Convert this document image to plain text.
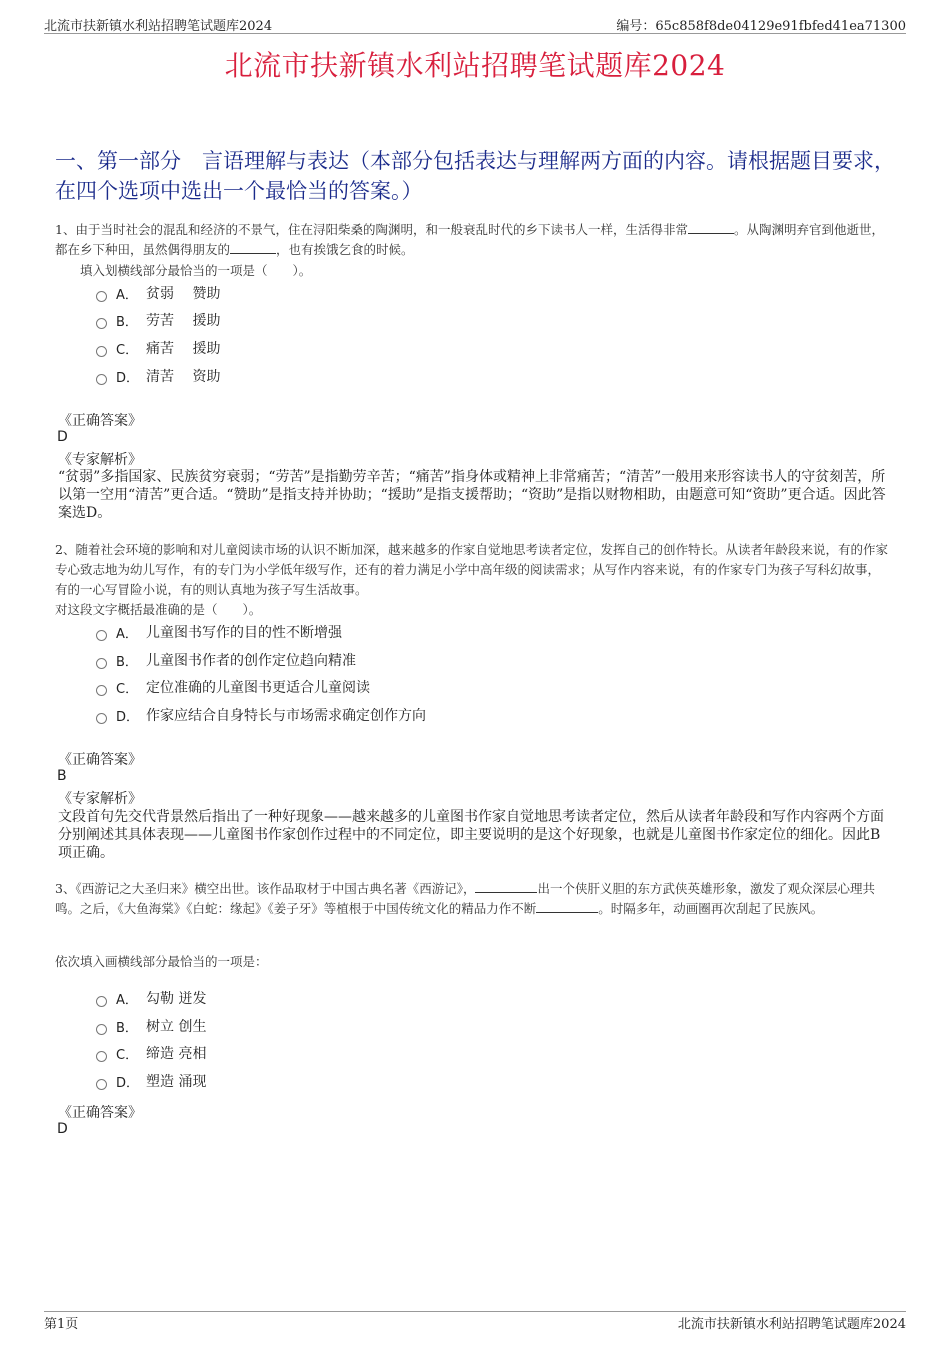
北流市扶新镇水利站招聘笔试题库2024	编号：65c858f8de04129e91fbfed41ea71300
北流市扶新镇水利站招聘笔试题库2024
一、第一部分　言语理解与表达（本部分包括表达与理解两方面的内容。请根据题目要求，在四个选项中选出一个最恰当的答案。）
1、由于当时社会的混乱和经济的不景气，住在浔阳柴桑的陶渊明，和一般衰乱时代的乡下读书人一样，生活得非常	。从陶渊明弃官到他逝世，都在乡下种田，虽然偶得朋友的	，也有挨饿乞食的时候。
填入划横线部分最恰当的一项是（　　）。
A． 贫弱　 赞助
B． 劳苦　 援助
C． 痛苦　 援助
D． 清苦　 资助
《正确答案》
D
《专家解析》
“贫弱”多指国家、民族贫穷衰弱；“劳苦”是指勤劳辛苦；“痛苦”指身体或精神上非常痛苦；“清苦”一般用来形容读书人的守贫刻苦，所以第一空用“清苦”更合适。“赞助”是指支持并协助；“援助”是指支援帮助；“资助”是指以财物相助，由题意可知“资助”更合适。因此答案选D。
2、随着社会环境的影响和对儿童阅读市场的认识不断加深，越来越多的作家自觉地思考读者定位，发挥自己的创作特长。从读者年龄段来说，有的作家专心致志地为幼儿写作，有的专门为小学低年级写作，还有的着力满足小学中高年级的阅读需求；从写作内容来说，有的作家专门为孩子写科幻故事，有的一心写冒险小说，有的则认真地为孩子写生活故事。
对这段文字概括最准确的是（　　）。
A． 儿童图书写作的目的性不断增强
B． 儿童图书作者的创作定位趋向精准
C． 定位准确的儿童图书更适合儿童阅读
D． 作家应结合自身特长与市场需求确定创作方向
《正确答案》
B
《专家解析》
文段首句先交代背景然后指出了一种好现象——越来越多的儿童图书作家自觉地思考读者定位，然后从读者年龄段和写作内容两个方面分别阐述其具体表现——儿童图书作家创作过程中的不同定位，即主要说明的是这个好现象，也就是儿童图书作家定位的细化。因此B项正确。
3、《西游记之大圣归来》横空出世。该作品取材于中国古典名著《西游记》，	出一个侠肝义胆的东方武侠英雄形象，激发了观众深层心理共鸣。之后，《大鱼海棠》《白蛇：缘起》《姜子牙》等植根于中国传统文化的精品力作不断	。时隔多年，动画圈再次刮起了民族风。
依次填入画横线部分最恰当的一项是：
A． 勾勒 迸发
B． 树立 创生
C． 缔造 亮相
D． 塑造 涌现
《正确答案》
D
第1页	北流市扶新镇水利站招聘笔试题库2024
